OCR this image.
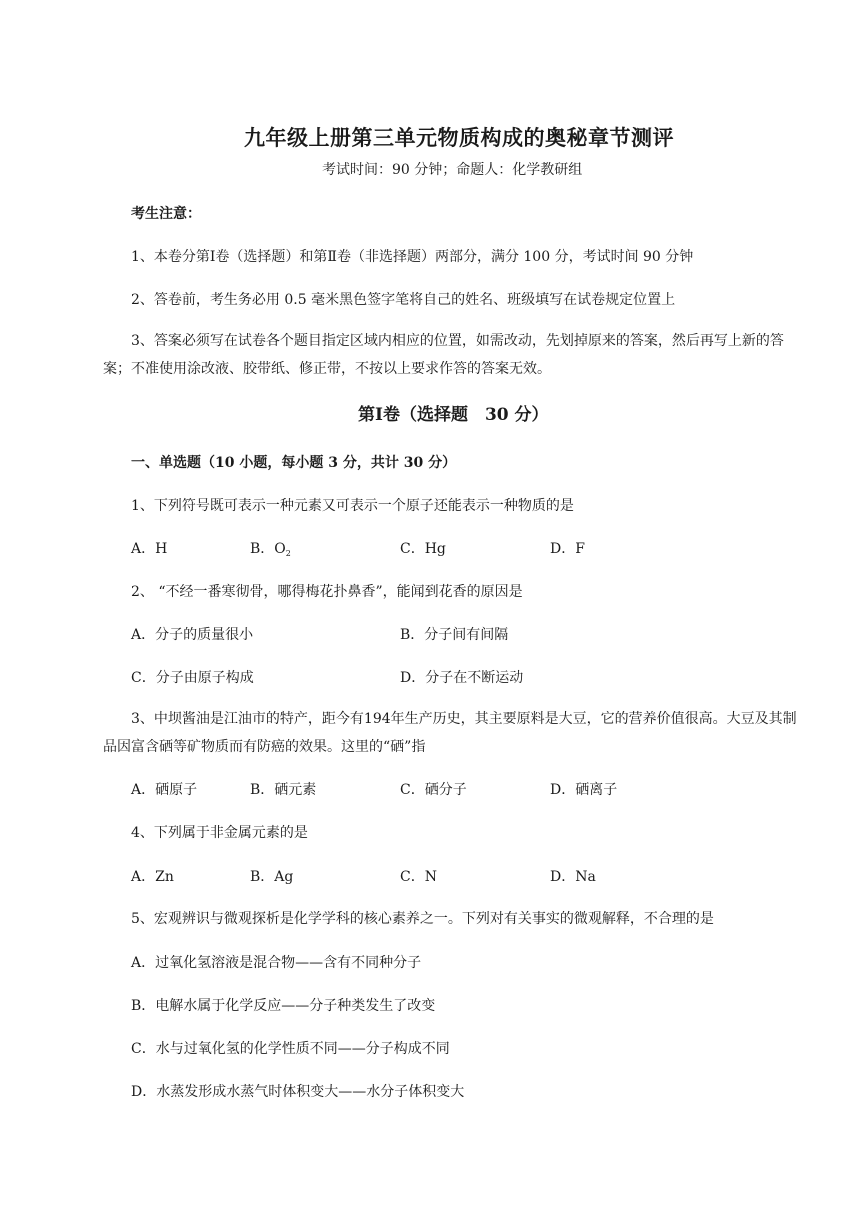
九年级上册第三单元物质构成的奥秘章节测评
考试时间：90 分钟；命题人：化学教研组
考生注意：
1、本卷分第Ⅰ卷（选择题）和第Ⅱ卷（非选择题）两部分，满分 100 分，考试时间 90 分钟
2、答卷前，考生务必用 0.5 毫米黑色签字笔将自己的姓名、班级填写在试卷规定位置上
3、答案必须写在试卷各个题目指定区域内相应的位置，如需改动，先划掉原来的答案，然后再写上新的答案；不准使用涂改液、胶带纸、修正带，不按以上要求作答的答案无效。
第Ⅰ卷（选择题　30 分）
一、单选题（10 小题，每小题 3 分，共计 30 分）
1、下列符号既可表示一种元素又可表示一个原子还能表示一种物质的是
A．H	B．$O_2$	C．Hg	D．F
2、 “不经一番寒彻骨，哪得梅花扑鼻香”，能闻到花香的原因是
A．分子的质量很小	B．分子间有间隔
C．分子由原子构成	D．分子在不断运动
3、中坝酱油是江油市的特产，距今有194年生产历史，其主要原料是大豆，它的营养价值很高。大豆及其制品因富含硒等矿物质而有防癌的效果。这里的“硒”指
A．硒原子	B．硒元素	C．硒分子	D．硒离子
4、下列属于非金属元素的是
A．Zn	B．Ag	C．N	D．Na
5、宏观辨识与微观探析是化学学科的核心素养之一。下列对有关事实的微观解释，不合理的是
A．过氧化氢溶液是混合物——含有不同种分子
B．电解水属于化学反应——分子种类发生了改变
C．水与过氧化氢的化学性质不同——分子构成不同
D．水蒸发形成水蒸气时体积变大——水分子体积变大
